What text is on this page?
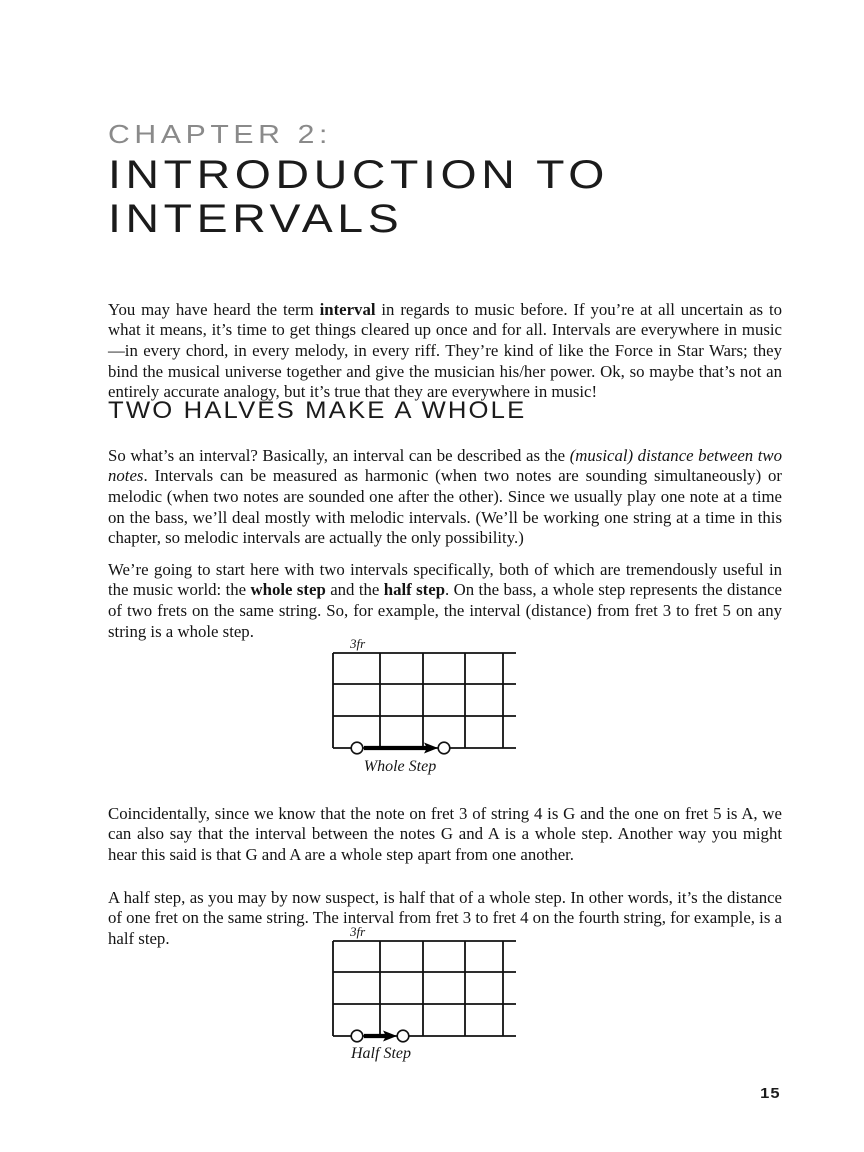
CHAPTER 2:
INTRODUCTION TO
INTERVALS

You may have heard the term interval in regards to music before. If you’re at all uncertain as to what it means, it’s time to get things cleared up once and for all. Intervals are everywhere in music—in every chord, in every melody, in every riff. They’re kind of like the Force in Star Wars; they bind the musical universe together and give the musician his/her power. Ok, so maybe that’s not an entirely accurate analogy, but it’s true that they are everywhere in music!

TWO HALVES MAKE A WHOLE

So what’s an interval? Basically, an interval can be described as the (musical) distance between two notes. Intervals can be measured as harmonic (when two notes are sounding simultaneously) or melodic (when two notes are sounded one after the other). Since we usually play one note at a time on the bass, we’ll deal mostly with melodic intervals. (We’ll be working one string at a time in this chapter, so melodic intervals are actually the only possibility.)

We’re going to start here with two intervals specifically, both of which are tremendously useful in the music world: the whole step and the half step. On the bass, a whole step represents the distance of two frets on the same string. So, for example, the interval (distance) from fret 3 to fret 5 on any string is a whole step.

3fr
Whole Step

Coincidentally, since we know that the note on fret 3 of string 4 is G and the one on fret 5 is A, we can also say that the interval between the notes G and A is a whole step. Another way you might hear this said is that G and A are a whole step apart from one another.

A half step, as you may by now suspect, is half that of a whole step. In other words, it’s the distance of one fret on the same string. The interval from fret 3 to fret 4 on the fourth string, for example, is a half step.	3fr
Half Step
15
